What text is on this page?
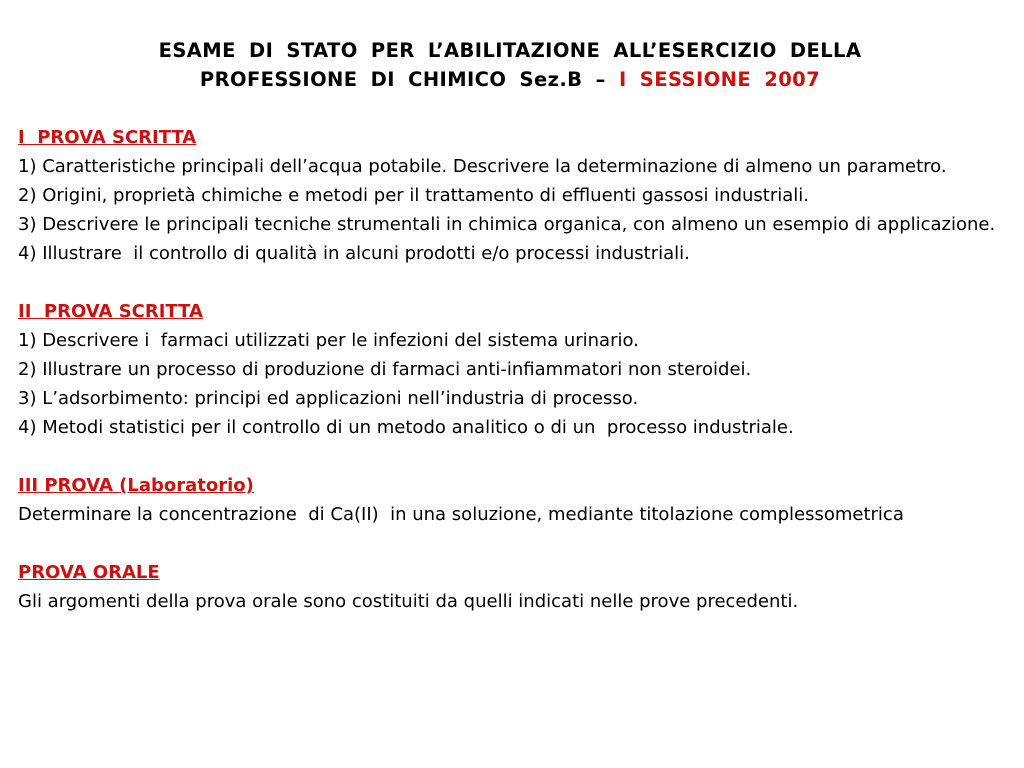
ESAME DI STATO PER L’ABILITAZIONE ALL’ESERCIZIO DELLA
PROFESSIONE DI CHIMICO Sez.B – I SESSIONE 2007
I  PROVA SCRITTA

1) Caratteristiche principali dell’acqua potabile. Descrivere la determinazione di almeno un parametro.

2) Origini, proprietà chimiche e metodi per il trattamento di effluenti gassosi industriali.

3) Descrivere le principali tecniche strumentali in chimica organica, con almeno un esempio di applicazione.

4) Illustrare  il controllo di qualità in alcuni prodotti e/o processi industriali.

II  PROVA SCRITTA

1) Descrivere i  farmaci utilizzati per le infezioni del sistema urinario.

2) Illustrare un processo di produzione di farmaci anti-infiammatori non steroidei.

3) L’adsorbimento: principi ed applicazioni nell’industria di processo.

4) Metodi statistici per il controllo di un metodo analitico o di un  processo industriale.

III PROVA (Laboratorio)

Determinare la concentrazione  di Ca(II)  in una soluzione, mediante titolazione complessometrica

PROVA ORALE

Gli argomenti della prova orale sono costituiti da quelli indicati nelle prove precedenti.
